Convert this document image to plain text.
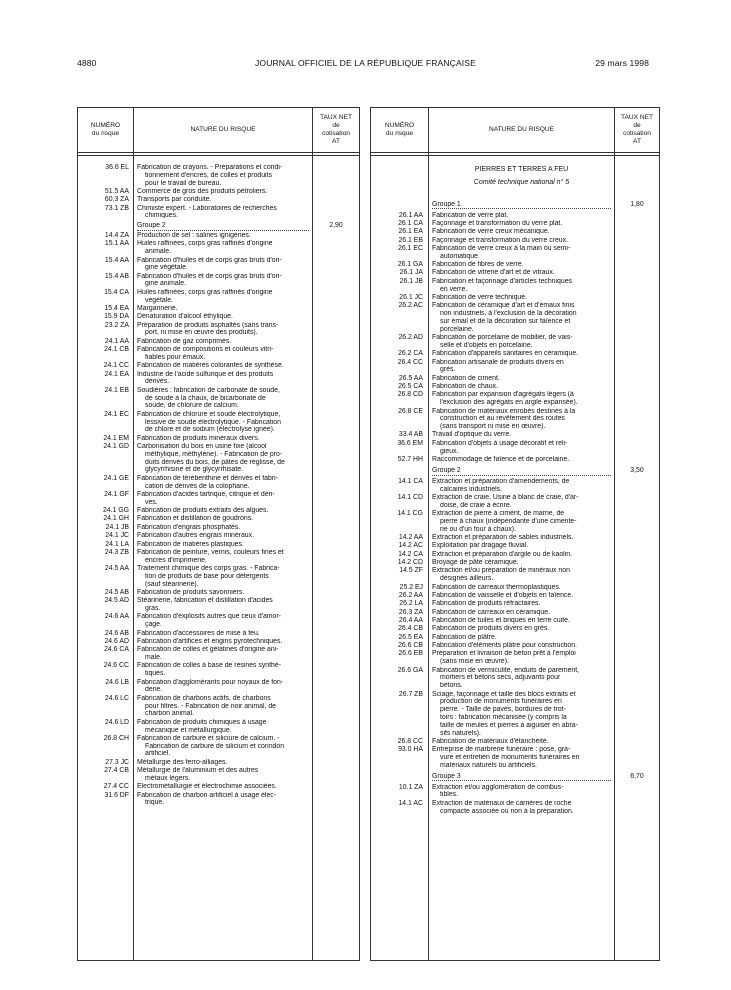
4880	JOURNAL OFFICIEL DE LA RÉPUBLIQUE FRANÇAISE	29 mars 1998
NUMÉRO
du risque
NATURE DU RISQUE
TAUX NET
de
cotisation
AT
36.6 EL Fabrication de crayons. - Préparations et condi-
tionnement d'encres, de colles et produits
pour le travail de bureau.
51.5 AA Commerce de gros des produits pétroliers.
60.3 ZA Transports par conduite.
73.1 ZB Chimiste expert. - Laboratoires de recherches
chimiques.
Groupe 2	2,90
14.4 ZA Production de sel : salines ignigènes.
15.1 AA Huiles raffinées, corps gras raffinés d'origine
animale.
15.4 AA Fabrication d'huiles et de corps gras bruts d'ori-
gine végétale.
15.4 AB Fabrication d'huiles et de corps gras bruts d'ori-
gine animale.
15.4 CA Huiles raffinées, corps gras raffinés d'origine
végétale.
15.4 EA Margarinerie.
15.9 DA Dénaturation d'alcool éthylique.
23.2 ZA Préparation de produits asphaltés (sans trans-
port, ni mise en œuvre des produits).
24.1 AA Fabrication de gaz comprimés.
24.1 CB Fabrication de compositions et couleurs vitri-
fiables pour émaux.
24.1 CC Fabrication de matières colorantes de synthèse.
24.1 EA Industrie de l'acide sulfurique et des produits
dérivés.
24.1 EB Soudières : fabrication de carbonate de soude,
de soude à la chaux, de bicarbonate de
soude, de chlorure de calcium.
24.1 EC Fabrication de chlorure et soude électrolytique,
lessive de soude électrolytique. - Fabrication
de chlore et de sodium (électrolyse ignée).
24.1 EM Fabrication de produits minéraux divers.
24.1 GD Carbonisation du bois en usine fixe (alcool
méthylique, méthylène). - Fabrication de pro-
duits dérivés du bois, de pâtes de réglisse, de
glycyrrhisine et de glycyrrhisate.
24.1 GE Fabrication de térébenthine et dérivés et fabri-
cation de dérivés de la colophane.
24.1 GF Fabrication d'acides tartrique, citrique et déri-
vés.
24.1 GG Fabrication de produits extraits des algues.
24.1 GH Fabrication et distillation de goudrons.
24.1 JB Fabrication d'engrais phosphatés.
24.1 JC Fabrication d'autres engrais minéraux.
24.1 LA Fabrication de matières plastiques.
24.3 ZB Fabrication de peinture, vernis, couleurs fines et
encres d'imprimerie.
24.5 AA Traitement chimique des corps gras. - Fabrica-
tion de produits de base pour détergents
(sauf stéarinerie).
24.5 AB Fabrication de produits savonniers.
24.5 AD Stéarinerie, fabrication et distillation d'acides
gras.
24.6 AA Fabrication d'explosifs autres que ceux d'amor-
çage.
24.6 AB Fabrication d'accessoires de mise à feu.
24.6 AD Fabrication d'artifices et engins pyrotechniques.
24.6 CA Fabrication de colles et gélatines d'origine ani-
male.
24.6 CC Fabrication de colles à base de résines synthé-
tiques.
24.6 LB Fabrication d'agglomérants pour noyaux de fon-
derie.
24.6 LC Fabrication de charbons actifs, de charbons
pour filtres. - Fabrication de noir animal, de
charbon animal.
24.6 LD Fabrication de produits chimiques à usage
mécanique et métallurgique.
26.8 CH Fabrication de carbure et siliciure de calcium. -
Fabrication de carbure de silicium et corindon
artificiel.
27.3 JC Métallurgie des ferro-alliages.
27.4 CB Métallurgie de l'aluminium et des autres
métaux légers.
27.4 CC Electrométallurgie et électrochimie associées.
31.6 DF Fabrication de charbon artificiel à usage élec-
trique.
NUMÉRO
du risque
NATURE DU RISQUE
TAUX NET
de
cotisation
AT
PIERRES ET TERRES A FEU
Comité technique national n° 5
Groupe 1	1,80
26.1 AA Fabrication de verre plat.
26.1 CA Façonnage et transformation du verre plat.
26.1 EA Fabrication de verre creux mécanique.
26.1 EB Façonnage et transformation du verre creux.
26.1 EC Fabrication de verre creux à la main ou semi-
automatique.
26.1 GA Fabrication de fibres de verre.
26.1 JA Fabrication de vitrerie d'art et de vitraux.
26.1 JB Fabrication et façonnage d'articles techniques
en verre.
26.1 JC Fabrication de verre technique.
26.2 AC Fabrication de céramique d'art et d'émaux finis
non industriels, à l'exclusion de la décoration
sur émail et de la décoration sur faïence et
porcelaine.
26.2 AD Fabrication de porcelaine de mobilier, de vais-
selle et d'objets en porcelaine.
26.2 CA Fabrication d'appareils sanitaires en céramique.
26.4 CC Fabrication artisanale de produits divers en
grès.
26.5 AA Fabrication de ciment.
26.5 CA Fabrication de chaux.
26.8 CD Fabrication par expansion d'agrégats légers (à
l'exclusion des agrégats en argile expansée).
26.8 CE Fabrication de matériaux enrobés destinés à la
construction et au revêtement des routes
(sans transport ni mise en œuvre).
33.4 AB Travail d'optique du verre.
36.6 EM Fabrication d'objets à usage décoratif et reli-
gieux.
52.7 HH Raccommodage de faïence et de porcelaine.
Groupe 2	3,50
14.1 CA Extraction et préparation d'amendements, de
calcaires industriels.
14.1 CD Extraction de craie. Usine à blanc de craie, d'ar-
doise, de craie à écrire.
14.1 CG Extraction de pierre à ciment, de marne, de
pierre à chaux (indépendante d'une cimente-
rie ou d'un four à chaux).
14.2 AA Extraction et préparation de sables industriels.
14.2 AC Exploitation par dragage fluvial.
14.2 CA Extraction et préparation d'argile ou de kaolin.
14.2 CD Broyage de pâte céramique.
14.5 ZF Extraction et/ou préparation de minéraux non
désignés ailleurs.
25.2 EJ Fabrication de carreaux thermoplastiques.
26.2 AA Fabrication de vaisselle et d'objets en faïence.
26.2 LA Fabrication de produits réfractaires.
26.3 ZA Fabrication de carreaux en céramique.
26.4 AA Fabrication de tuiles et briques en terre cuite.
26.4 CB Fabrication de produits divers en grès.
26.5 EA Fabrication de plâtre.
26.6 CB Fabrication d'éléments plâtre pour construction.
26.6 EB Préparation et livraison de béton prêt à l'emploi
(sans mise en œuvre).
26.6 GA Fabrication de vermiculite, enduits de parement,
mortiers et bétons secs, adjuvants pour
bétons.
26.7 ZB Sciage, façonnage et taille des blocs extraits et
production de monuments funéraires en
pierre. - Taille de pavés, bordures de trot-
toirs : fabrication mécanisée (y compris la
taille de meules et pierres à aiguiser en abra-
sifs naturels).
26.8 CC Fabrication de matériaux d'étanchéité.
93.0 HA Entreprise de marbrerie funéraire : pose, gra-
vure et entretien de monuments funéraires en
matériaux naturels ou artificiels.
Groupe 3	6,70
10.1 ZA Extraction et/ou agglomération de combus-
tibles.
14.1 AC Extraction de matériaux de carrières de roche
compacte associée ou non à la préparation.
